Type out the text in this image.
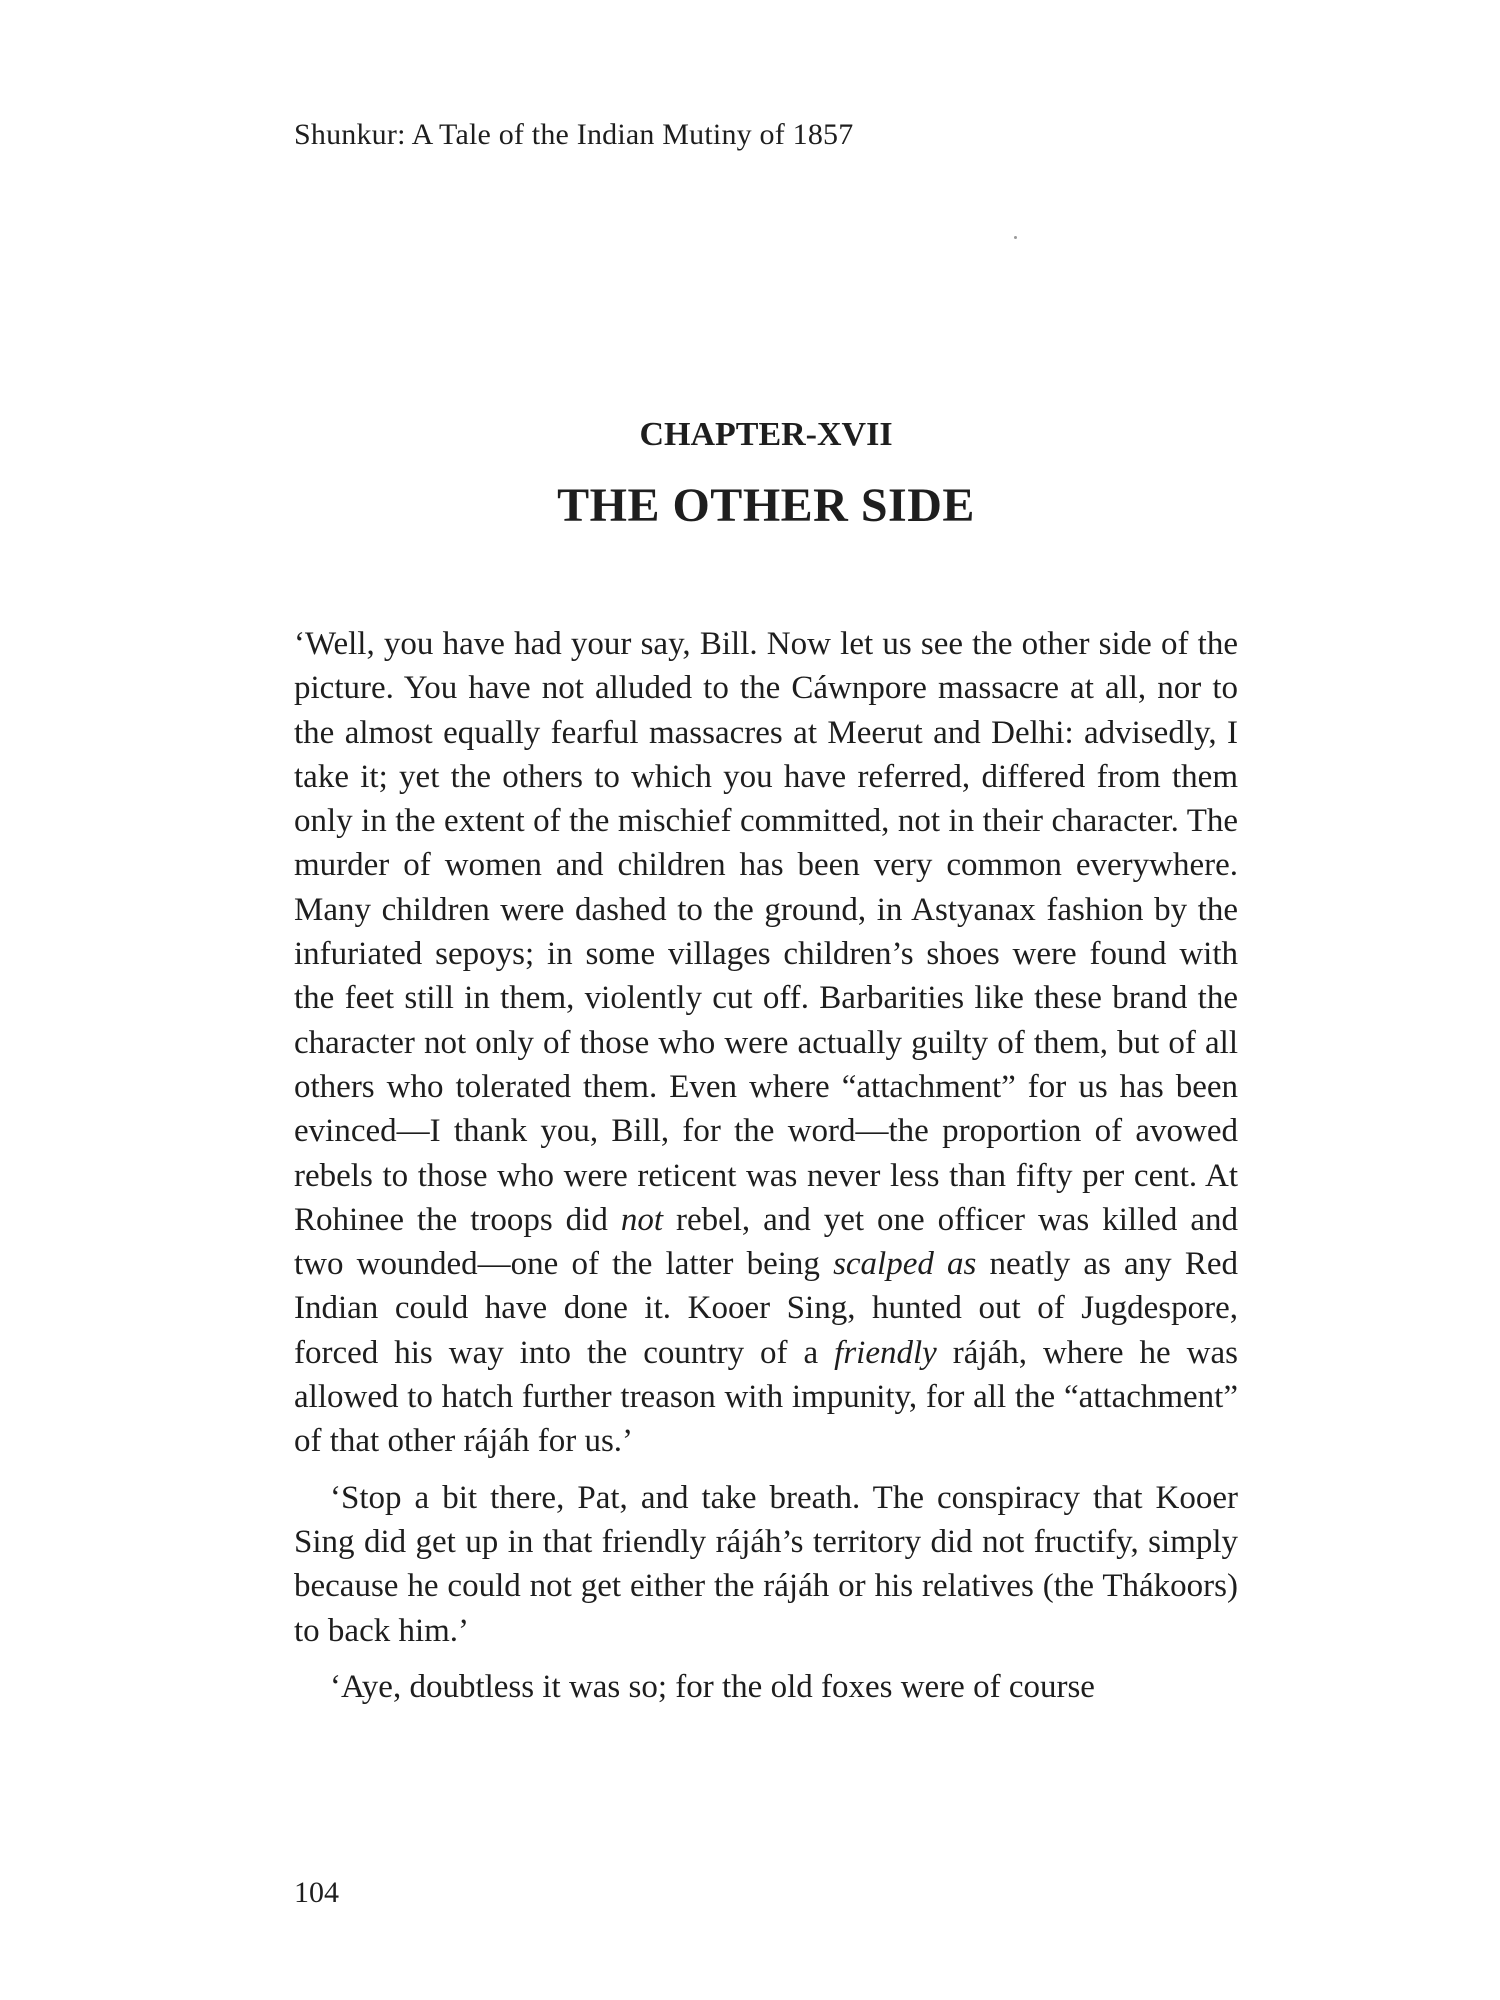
Shunkur: A Tale of the Indian Mutiny of 1857
CHAPTER-XVII
THE OTHER SIDE

‘Well, you have had your say, Bill. Now let us see the other side of the picture. You have not alluded to the Cáwnpore massacre at all, nor to the almost equally fearful massacres at Meerut and Delhi: advisedly, I take it; yet the others to which you have referred, differed from them only in the extent of the mischief committed, not in their character. The murder of women and children has been very common everywhere. Many children were dashed to the ground, in Astyanax fashion by the infuriated sepoys; in some villages children’s shoes were found with the feet still in them, violently cut off. Barbarities like these brand the character not only of those who were actually guilty of them, but of all others who tolerated them. Even where “attachment” for us has been evinced—I thank you, Bill, for the word—the proportion of avowed rebels to those who were reticent was never less than fifty per cent. At Rohinee the troops did not rebel, and yet one officer was killed and two wounded—one of the latter being scalped as neatly as any Red Indian could have done it. Kooer Sing, hunted out of Jugdespore, forced his way into the country of a friendly rájáh, where he was allowed to hatch further treason with impunity, for all the “attachment” of that other rájáh for us.’

‘Stop a bit there, Pat, and take breath. The conspiracy that Kooer Sing did get up in that friendly rájáh’s territory did not fructify, simply because he could not get either the rájáh or his relatives (the Thákoors) to back him.’

‘Aye, doubtless it was so; for the old foxes were of course

104
